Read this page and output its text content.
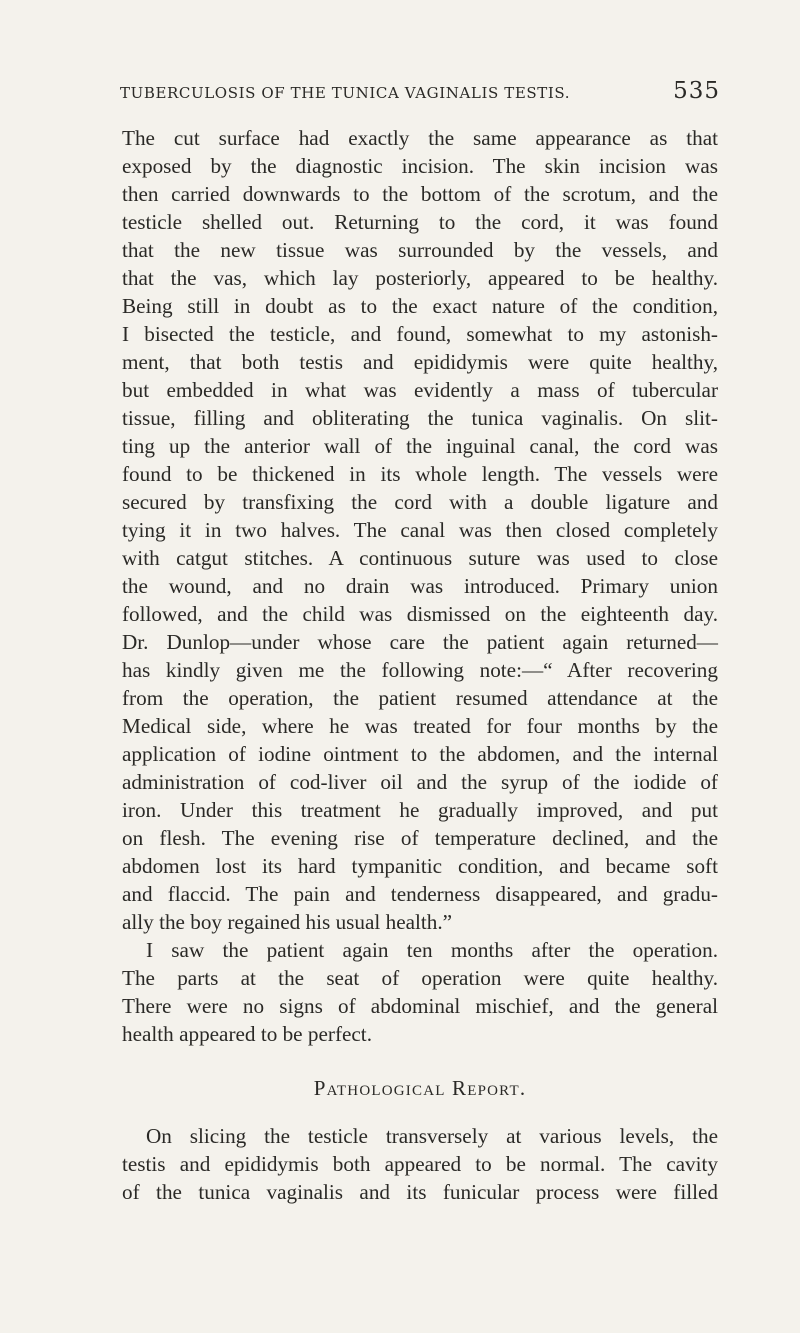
TUBERCULOSIS OF THE TUNICA VAGINALIS TESTIS.	535
The cut surface had exactly the same appearance as that
exposed by the diagnostic incision. The skin incision was
then carried downwards to the bottom of the scrotum, and the
testicle shelled out. Returning to the cord, it was found
that the new tissue was surrounded by the vessels, and
that the vas, which lay posteriorly, appeared to be healthy.
Being still in doubt as to the exact nature of the condition,
I bisected the testicle, and found, somewhat to my astonish-
ment, that both testis and epididymis were quite healthy,
but embedded in what was evidently a mass of tubercular
tissue, filling and obliterating the tunica vaginalis. On slit-
ting up the anterior wall of the inguinal canal, the cord was
found to be thickened in its whole length. The vessels were
secured by transfixing the cord with a double ligature and
tying it in two halves. The canal was then closed completely
with catgut stitches. A continuous suture was used to close
the wound, and no drain was introduced. Primary union
followed, and the child was dismissed on the eighteenth day.
Dr. Dunlop—under whose care the patient again returned—
has kindly given me the following note:—“ After recovering
from the operation, the patient resumed attendance at the
Medical side, where he was treated for four months by the
application of iodine ointment to the abdomen, and the internal
administration of cod-liver oil and the syrup of the iodide of
iron. Under this treatment he gradually improved, and put
on flesh. The evening rise of temperature declined, and the
abdomen lost its hard tympanitic condition, and became soft
and flaccid. The pain and tenderness disappeared, and gradu-
ally the boy regained his usual health.”
I saw the patient again ten months after the operation.
The parts at the seat of operation were quite healthy.
There were no signs of abdominal mischief, and the general
health appeared to be perfect.
Pathological Report.
On slicing the testicle transversely at various levels, the
testis and epididymis both appeared to be normal. The cavity
of the tunica vaginalis and its funicular process were filled
